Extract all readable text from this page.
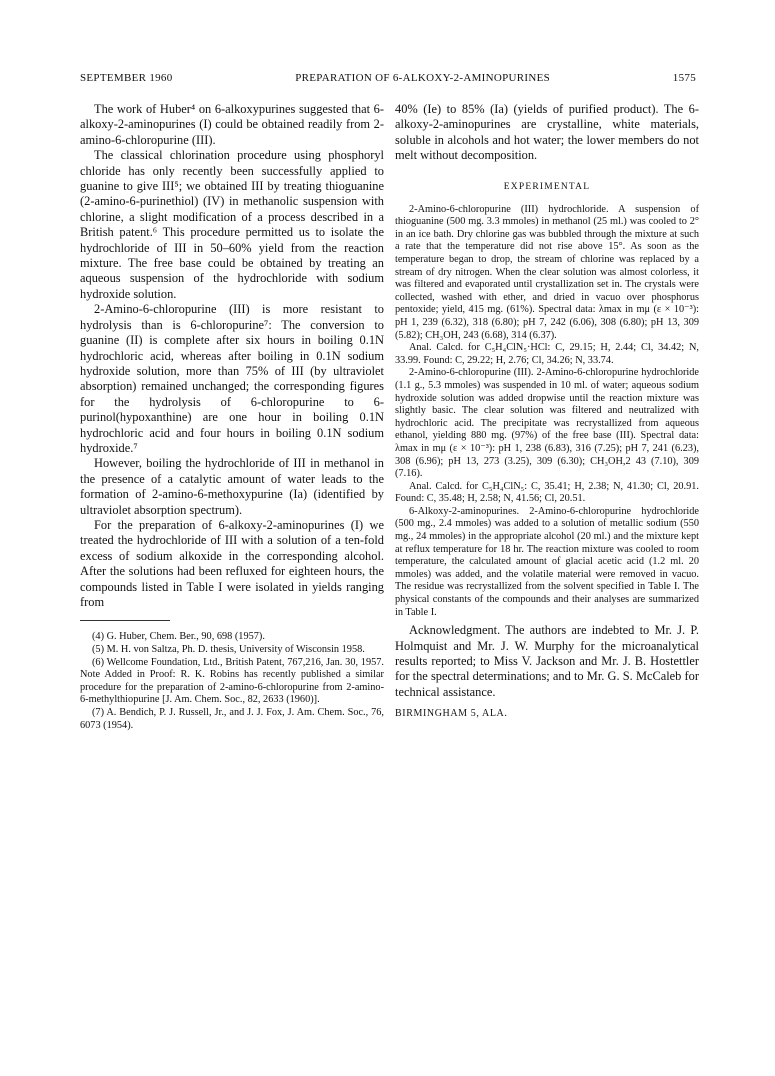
SEPTEMBER 1960	PREPARATION OF 6-ALKOXY-2-AMINOPURINES	1575

The work of Huber⁴ on 6-alkoxypurines suggested that 6-alkoxy-2-aminopurines (I) could be obtained readily from 2-amino-6-chloropurine (III).

The classical chlorination procedure using phosphoryl chloride has only recently been successfully applied to guanine to give III⁵; we obtained III by treating thioguanine (2-amino-6-purinethiol) (IV) in methanolic suspension with chlorine, a slight modification of a process described in a British patent.⁶ This procedure permitted us to isolate the hydrochloride of III in 50–60% yield from the reaction mixture. The free base could be obtained by treating an aqueous suspension of the hydrochloride with sodium hydroxide solution.

2-Amino-6-chloropurine (III) is more resistant to hydrolysis than is 6-chloropurine⁷: The conversion to guanine (II) is complete after six hours in boiling 0.1N hydrochloric acid, whereas after boiling in 0.1N sodium hydroxide solution, more than 75% of III (by ultraviolet absorption) remained unchanged; the corresponding figures for the hydrolysis of 6-chloropurine to 6-purinol(hypoxanthine) are one hour in boiling 0.1N hydrochloric acid and four hours in boiling 0.1N sodium hydroxide.⁷

However, boiling the hydrochloride of III in methanol in the presence of a catalytic amount of water leads to the formation of 2-amino-6-methoxypurine (Ia) (identified by ultraviolet absorption spectrum).

For the preparation of 6-alkoxy-2-aminopurines (I) we treated the hydrochloride of III with a solution of a ten-fold excess of sodium alkoxide in the corresponding alcohol. After the solutions had been refluxed for eighteen hours, the compounds listed in Table I were isolated in yields ranging from

(4) G. Huber, Chem. Ber., 90, 698 (1957).

(5) M. H. von Saltza, Ph. D. thesis, University of Wisconsin 1958.

(6) Wellcome Foundation, Ltd., British Patent, 767,216, Jan. 30, 1957. Note Added in Proof: R. K. Robins has recently published a similar procedure for the preparation of 2-amino-6-chloropurine from 2-amino-6-methylthiopurine [J. Am. Chem. Soc., 82, 2633 (1960)].

(7) A. Bendich, P. J. Russell, Jr., and J. J. Fox, J. Am. Chem. Soc., 76, 6073 (1954).

40% (Ie) to 85% (Ia) (yields of purified product). The 6-alkoxy-2-aminopurines are crystalline, white materials, soluble in alcohols and hot water; the lower members do not melt without decomposition.

EXPERIMENTAL

2-Amino-6-chloropurine (III) hydrochloride. A suspension of thioguanine (500 mg. 3.3 mmoles) in methanol (25 ml.) was cooled to 2° in an ice bath. Dry chlorine gas was bubbled through the mixture at such a rate that the temperature did not rise above 15°. As soon as the temperature began to drop, the stream of chlorine was replaced by a stream of dry nitrogen. When the clear solution was almost colorless, it was filtered and evaporated until crystallization set in. The crystals were collected, washed with ether, and dried in vacuo over phosphorus pentoxide; yield, 415 mg. (61%). Spectral data: λmax in mμ (ε × 10⁻³): pH 1, 239 (6.32), 318 (6.80); pH 7, 242 (6.06), 308 (6.80); pH 13, 309 (5.82); CH₃OH, 243 (6.68), 314 (6.37).

Anal. Calcd. for C₅H₄ClN₅·HCl: C, 29.15; H, 2.44; Cl, 34.42; N, 33.99. Found: C, 29.22; H, 2.76; Cl, 34.26; N, 33.74.

2-Amino-6-chloropurine (III). 2-Amino-6-chloropurine hydrochloride (1.1 g., 5.3 mmoles) was suspended in 10 ml. of water; aqueous sodium hydroxide solution was added dropwise until the reaction mixture was slightly basic. The clear solution was filtered and neutralized with hydrochloric acid. The precipitate was recrystallized from aqueous ethanol, yielding 880 mg. (97%) of the free base (III). Spectral data: λmax in mμ (ε × 10⁻³): pH 1, 238 (6.83), 316 (7.25); pH 7, 241 (6.23), 308 (6.96); pH 13, 273 (3.25), 309 (6.30); CH₃OH,2 43 (7.10), 309 (7.16).

Anal. Calcd. for C₅H₄ClN₅: C, 35.41; H, 2.38; N, 41.30; Cl, 20.91. Found: C, 35.48; H, 2.58; N, 41.56; Cl, 20.51.

6-Alkoxy-2-aminopurines. 2-Amino-6-chloropurine hydrochloride (500 mg., 2.4 mmoles) was added to a solution of metallic sodium (550 mg., 24 mmoles) in the appropriate alcohol (20 ml.) and the mixture kept at reflux temperature for 18 hr. The reaction mixture was cooled to room temperature, the calculated amount of glacial acetic acid (1.2 ml. 20 mmoles) was added, and the volatile material were removed in vacuo. The residue was recrystallized from the solvent specified in Table I. The physical constants of the compounds and their analyses are summarized in Table I.

Acknowledgment. The authors are indebted to Mr. J. P. Holmquist and Mr. J. W. Murphy for the microanalytical results reported; to Miss V. Jackson and Mr. J. B. Hostettler for the spectral determinations; and to Mr. G. S. McCaleb for technical assistance.

BIRMINGHAM 5, ALA.
